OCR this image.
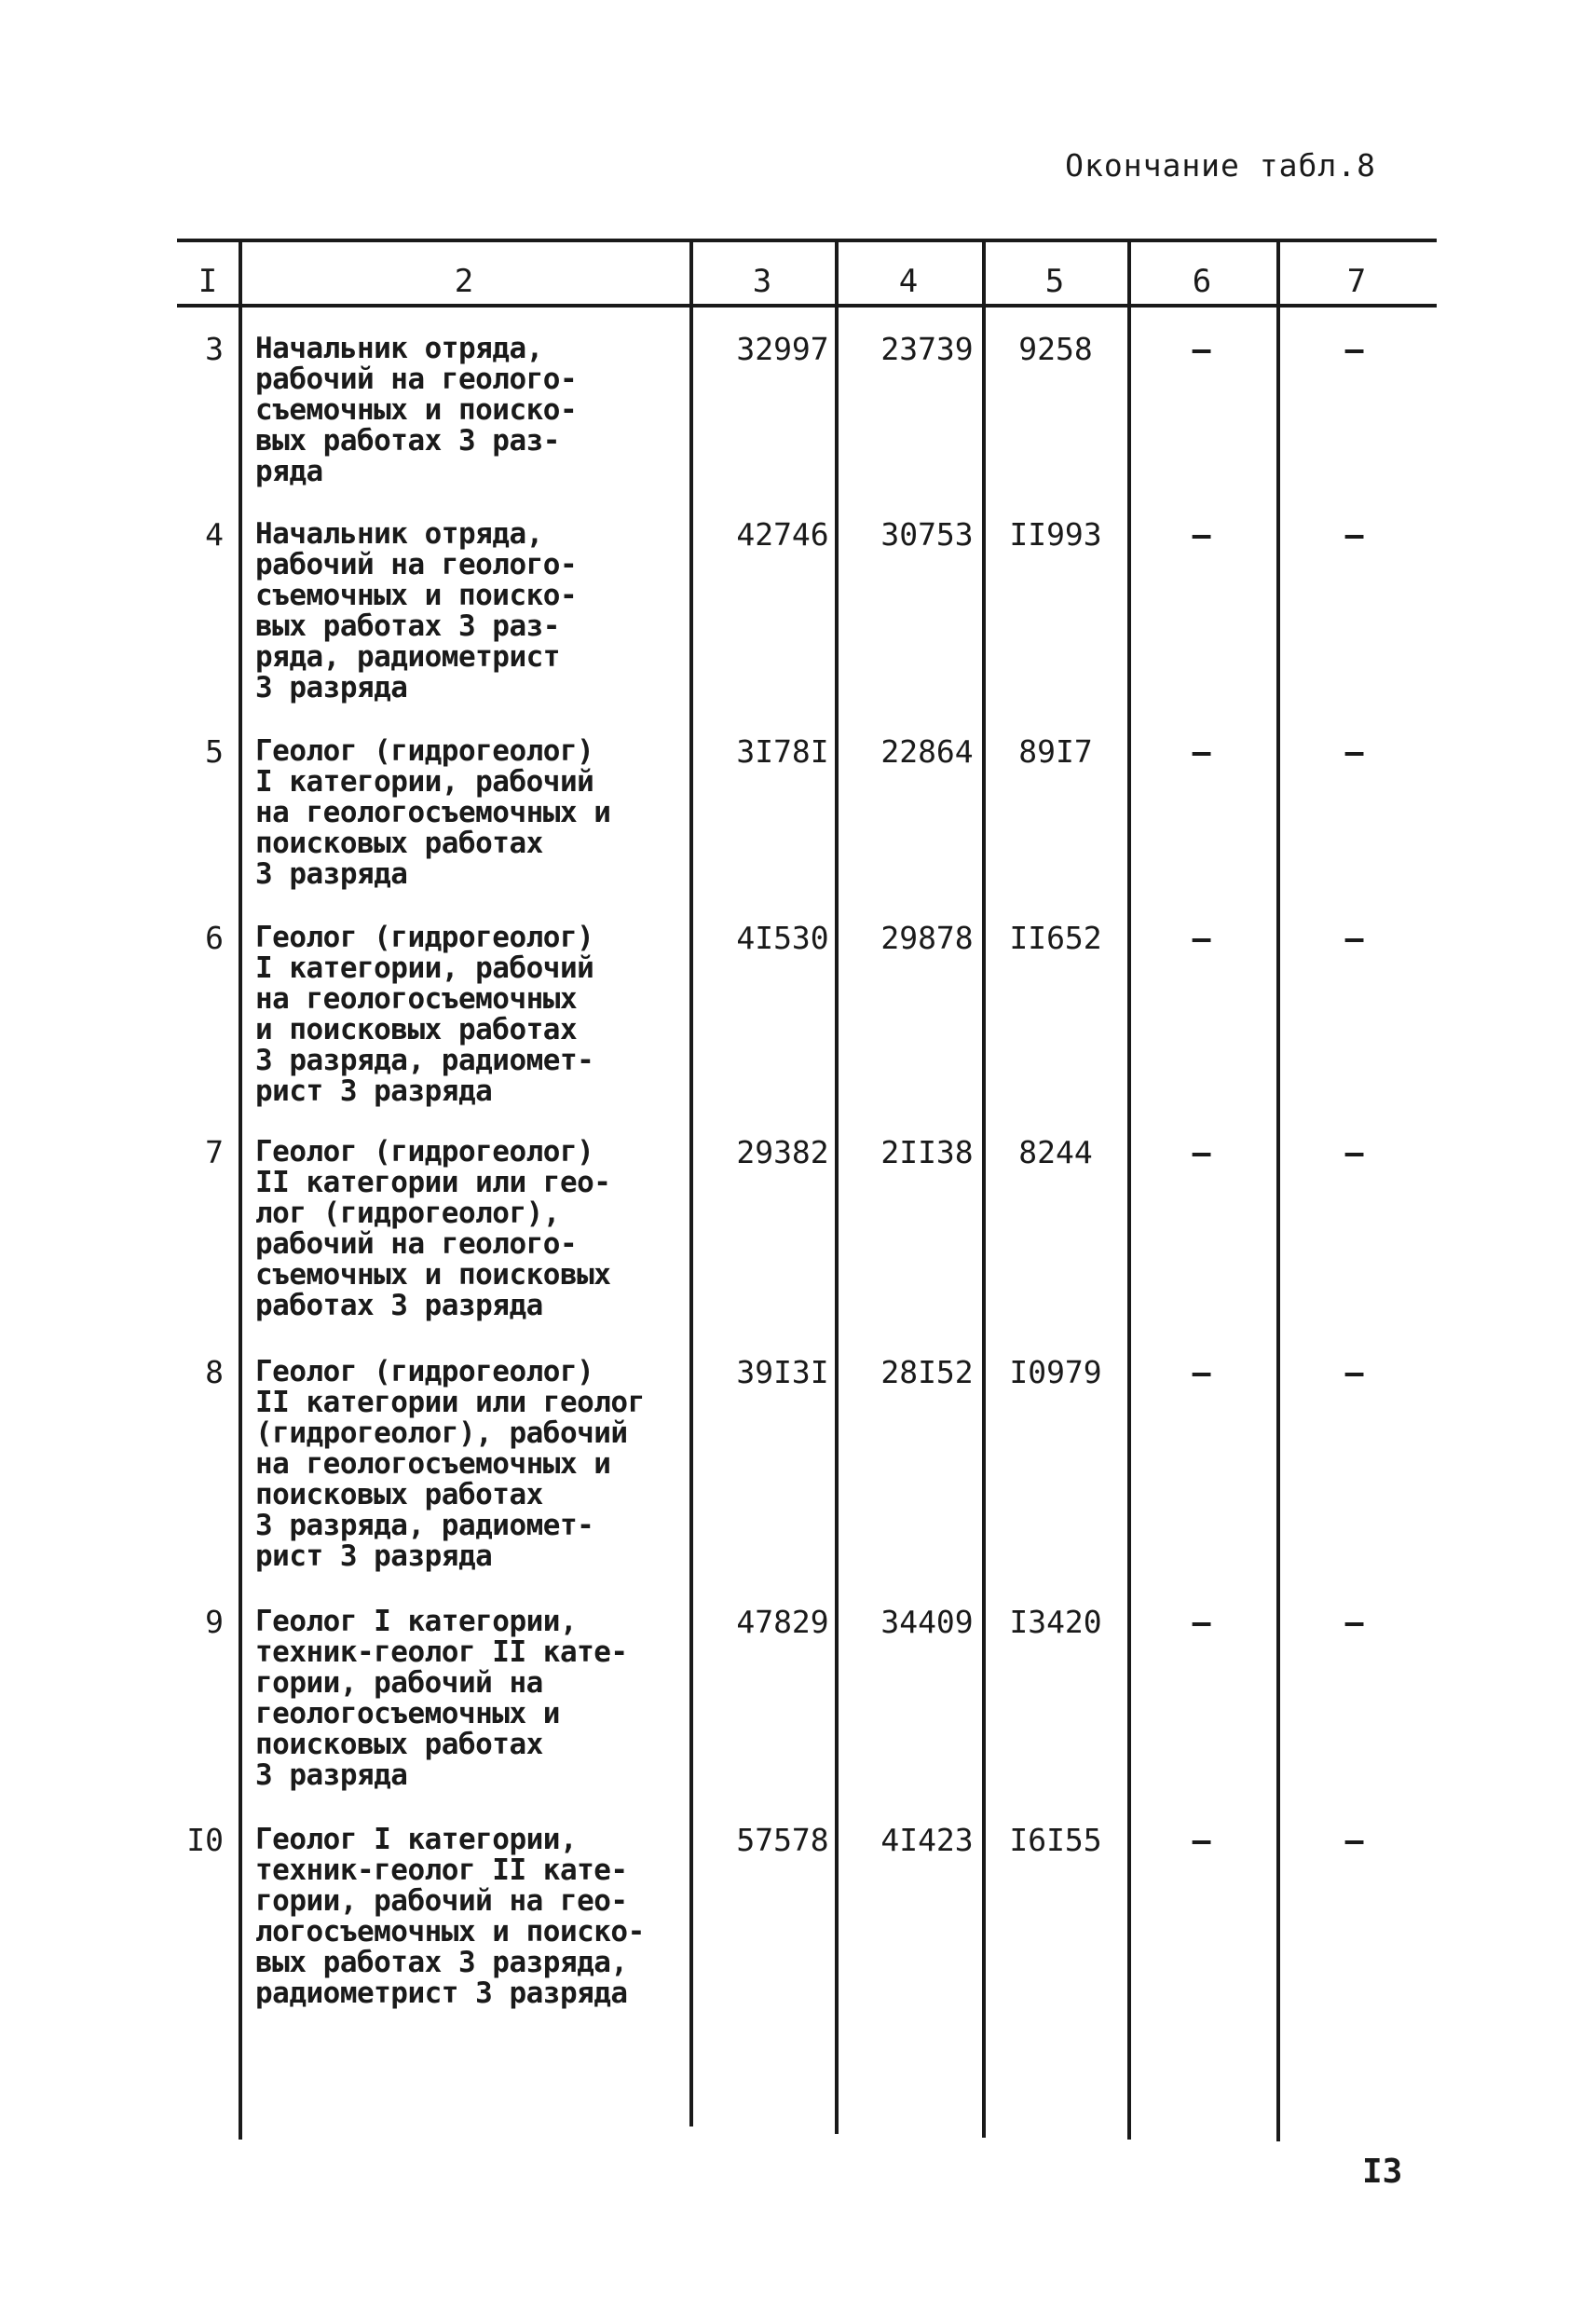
Окончание табл.8
I	2	3	4	5	6	7
3 Начальник отряда,
рабочий на геолого-
съемочных и поиско-
вых работах 3 раз-
ряда
32997	23739	9258	–	–
4 Начальник отряда,
рабочий на геолого-
съемочных и поиско-
вых работах 3 раз-
ряда, радиометрист
3 разряда
42746	30753	II993	–	–
5 Геолог (гидрогеолог)
I категории, рабочий
на геологосъемочных и
поисковых работах
3 разряда
3I78I	22864	89I7	–	–
6 Геолог (гидрогеолог)
I категории, рабочий
на геологосъемочных
и поисковых работах
3 разряда, радиомет-
рист 3 разряда
4I530	29878	II652	–	–
7 Геолог (гидрогеолог)
II категории или гео-
лог (гидрогеолог),
рабочий на геолого-
съемочных и поисковых
работах 3 разряда
29382	2II38	8244	–	–
8 Геолог (гидрогеолог)
II категории или геолог
(гидрогеолог), рабочий
на геологосъемочных и
поисковых работах
3 разряда, радиомет-
рист 3 разряда
39I3I	28I52	I0979	–	–
9 Геолог I категории,
техник-геолог II кате-
гории, рабочий на
геологосъемочных и
поисковых работах
3 разряда
47829	34409	I3420	–	–
I0 Геолог I категории,
техник-геолог II кате-
гории, рабочий на гео-
логосъемочных и поиско-
вых работах 3 разряда,
радиометрист 3 разряда
57578	4I423	I6I55	–	–
I3
